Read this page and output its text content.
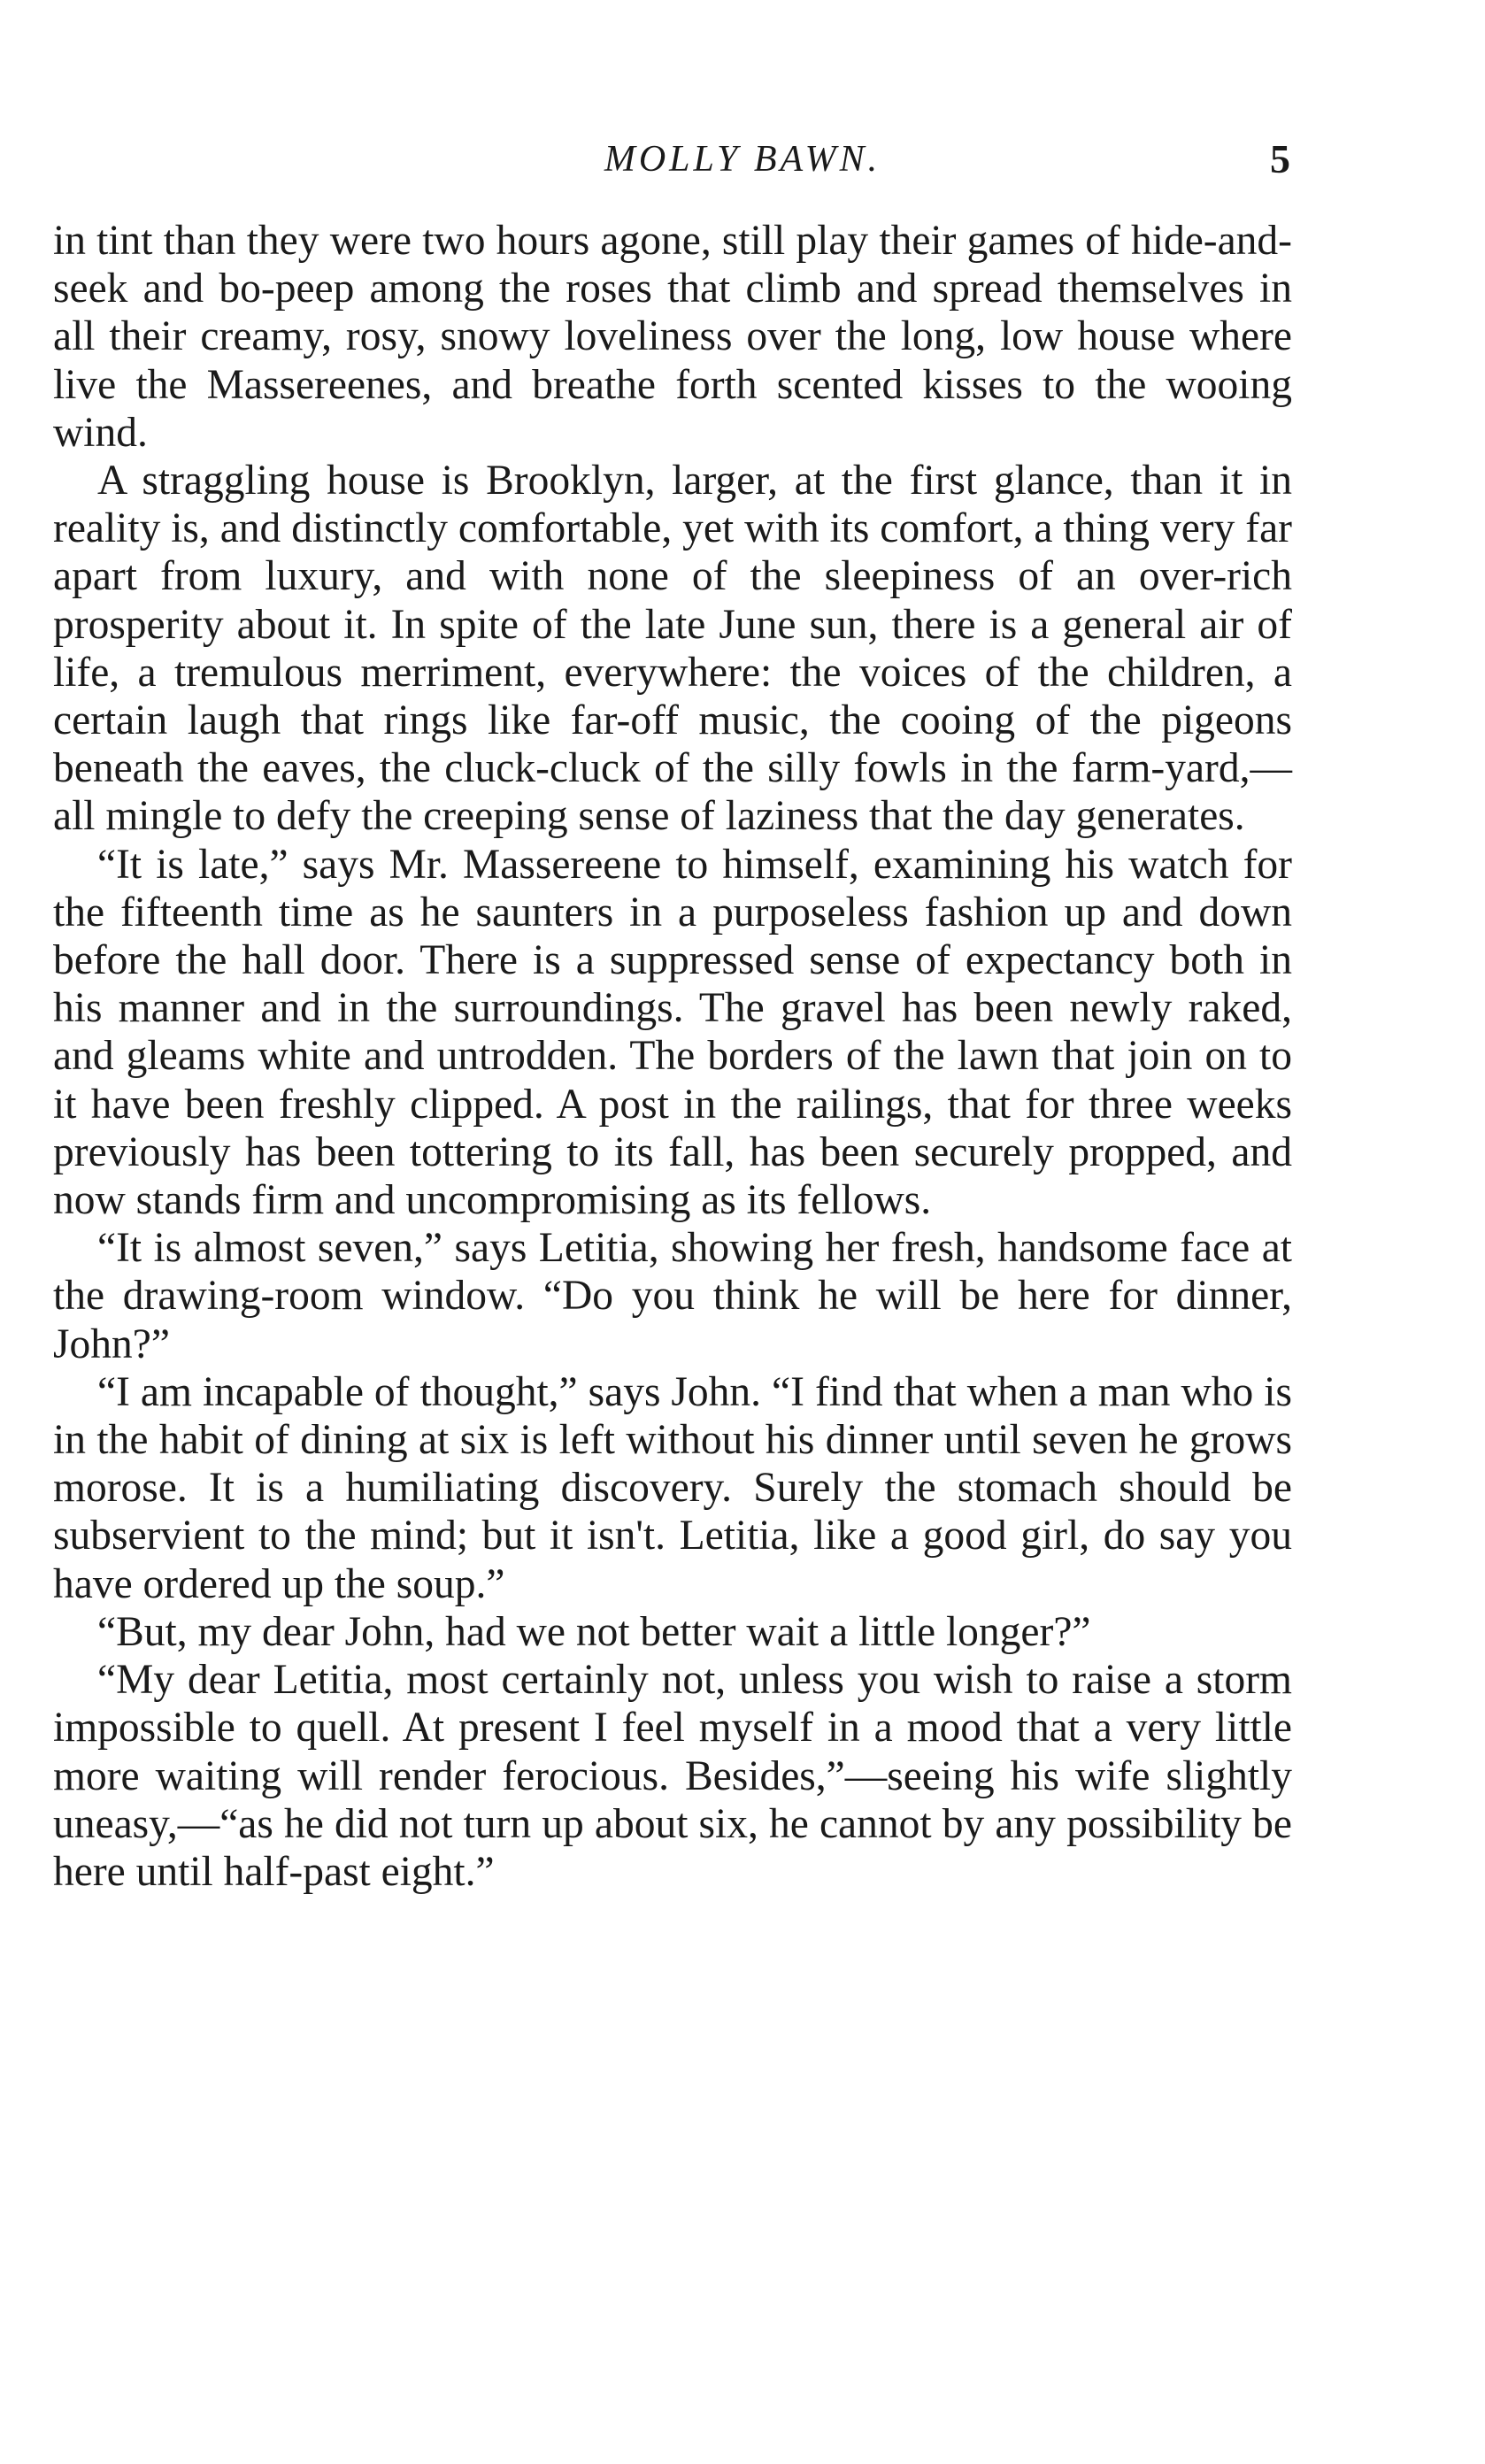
MOLLY BAWN.	5

in tint than they were two hours agone, still play their games of hide-and-seek and bo-peep among the roses that climb and spread themselves in all their creamy, rosy, snowy loveliness over the long, low house where live the Massereenes, and breathe forth scented kisses to the wooing wind.

A straggling house is Brooklyn, larger, at the first glance, than it in reality is, and distinctly comfortable, yet with its comfort, a thing very far apart from luxury, and with none of the sleepiness of an over-rich prosperity about it. In spite of the late June sun, there is a general air of life, a tremulous merriment, everywhere: the voices of the children, a certain laugh that rings like far-off music, the cooing of the pigeons beneath the eaves, the cluck-cluck of the silly fowls in the farm-yard,—all mingle to defy the creeping sense of laziness that the day generates.

“It is late,” says Mr. Massereene to himself, examining his watch for the fifteenth time as he saunters in a purposeless fashion up and down before the hall door. There is a suppressed sense of expectancy both in his manner and in the surroundings. The gravel has been newly raked, and gleams white and untrodden. The borders of the lawn that join on to it have been freshly clipped. A post in the railings, that for three weeks previously has been tottering to its fall, has been securely propped, and now stands firm and uncompromising as its fellows.

“It is almost seven,” says Letitia, showing her fresh, handsome face at the drawing-room window. “Do you think he will be here for dinner, John?”

“I am incapable of thought,” says John. “I find that when a man who is in the habit of dining at six is left without his dinner until seven he grows morose. It is a humiliating discovery. Surely the stomach should be subservient to the mind; but it isn't. Letitia, like a good girl, do say you have ordered up the soup.”

“But, my dear John, had we not better wait a little longer?”

“My dear Letitia, most certainly not, unless you wish to raise a storm impossible to quell. At present I feel myself in a mood that a very little more waiting will render ferocious. Besides,”—seeing his wife slightly uneasy,—“as he did not turn up about six, he cannot by any possibility be here until half-past eight.”
